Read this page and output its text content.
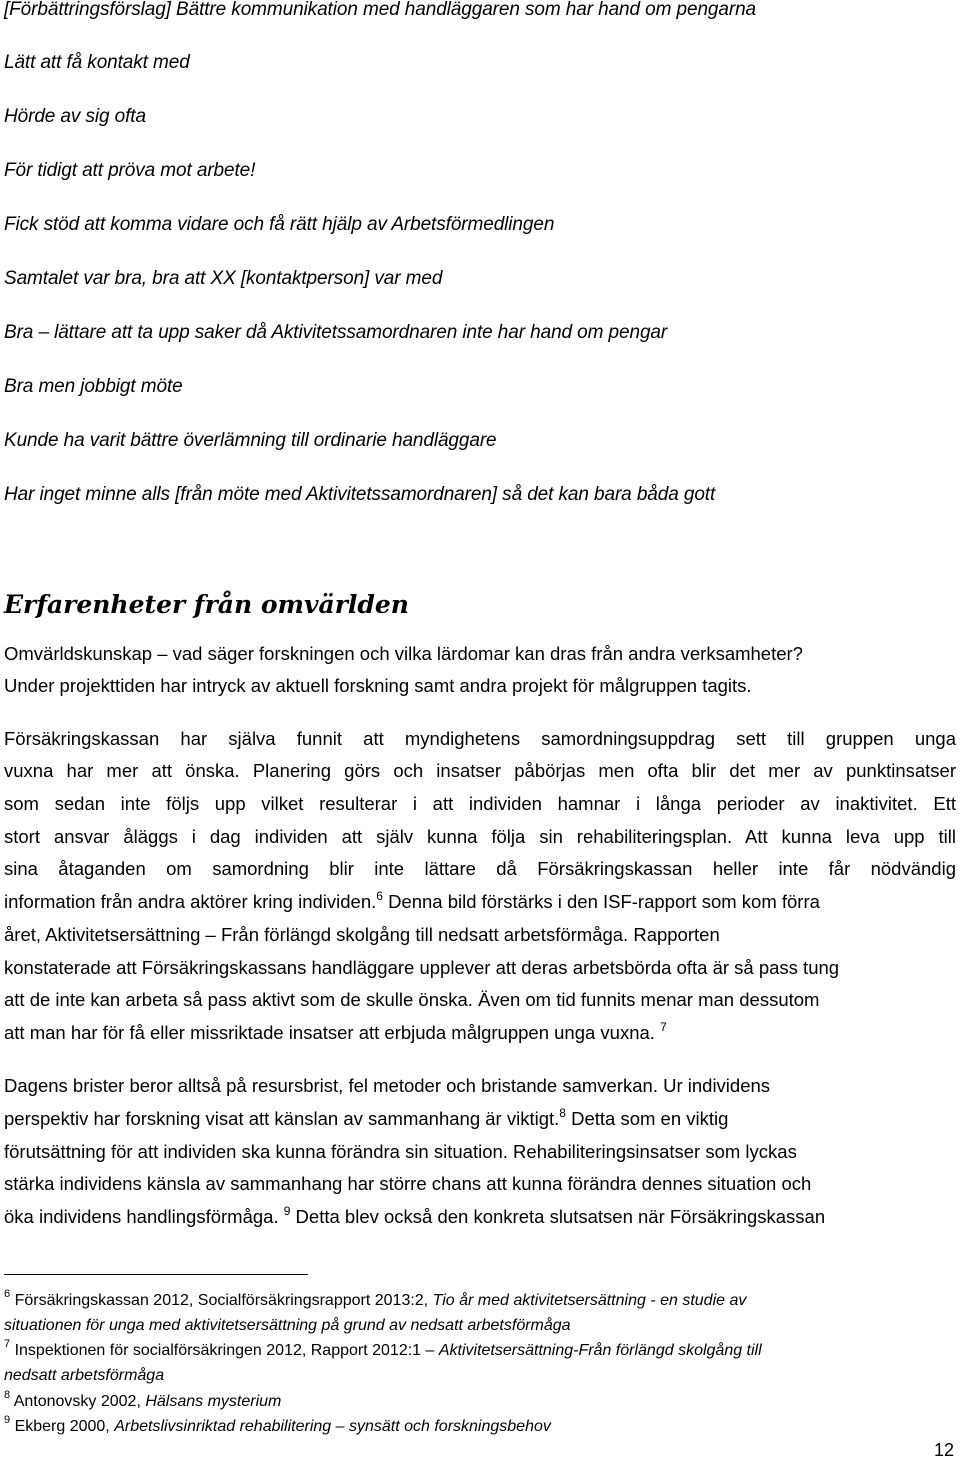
[Förbättringsförslag] Bättre kommunikation med handläggaren som har hand om pengarna
Lätt att få kontakt med
Hörde av sig ofta
För tidigt att pröva mot arbete!
Fick stöd att komma vidare och få rätt hjälp av Arbetsförmedlingen
Samtalet var bra, bra att XX [kontaktperson] var med
Bra – lättare att ta upp saker då Aktivitetssamordnaren inte har hand om pengar
Bra men jobbigt möte
Kunde ha varit bättre överlämning till ordinarie handläggare
Har inget minne alls [från möte med Aktivitetssamordnaren] så det kan bara båda gott
Erfarenheter från omvärlden
Omvärldskunskap – vad säger forskningen och vilka lärdomar kan dras från andra verksamheter?
Under projekttiden har intryck av aktuell forskning samt andra projekt för målgruppen tagits.
Försäkringskassan har själva funnit att myndighetens samordningsuppdrag sett till gruppen unga
vuxna har mer att önska. Planering görs och insatser påbörjas men ofta blir det mer av punktinsatser
som sedan inte följs upp vilket resulterar i att individen hamnar i långa perioder av inaktivitet. Ett
stort ansvar åläggs i dag individen att själv kunna följa sin rehabiliteringsplan. Att kunna leva upp till
sina åtaganden om samordning blir inte lättare då Försäkringskassan heller inte får nödvändig
information från andra aktörer kring individen.$^6$ Denna bild förstärks i den ISF-rapport som kom förra
året, Aktivitetsersättning – Från förlängd skolgång till nedsatt arbetsförmåga. Rapporten
konstaterade att Försäkringskassans handläggare upplever att deras arbetsbörda ofta är så pass tung
att de inte kan arbeta så pass aktivt som de skulle önska. Även om tid funnits menar man dessutom
att man har för få eller missriktade insatser att erbjuda målgruppen unga vuxna. $^7$
Dagens brister beror alltså på resursbrist, fel metoder och bristande samverkan. Ur individens
perspektiv har forskning visat att känslan av sammanhang är viktigt.$^8$ Detta som en viktig
förutsättning för att individen ska kunna förändra sin situation. Rehabiliteringsinsatser som lyckas
stärka individens känsla av sammanhang har större chans att kunna förändra dennes situation och
öka individens handlingsförmåga. $^9$ Detta blev också den konkreta slutsatsen när Försäkringskassan
$^6$ Försäkringskassan 2012, Socialförsäkringsrapport 2013:2, Tio år med aktivitetsersättning - en studie av
situationen för unga med aktivitetsersättning på grund av nedsatt arbetsförmåga
$^7$ Inspektionen för socialförsäkringen 2012, Rapport 2012:1 – Aktivitetsersättning-Från förlängd skolgång till
nedsatt arbetsförmåga
$^8$ Antonovsky 2002, Hälsans mysterium
$^9$ Ekberg 2000, Arbetslivsinriktad rehabilitering – synsätt och forskningsbehov
12
